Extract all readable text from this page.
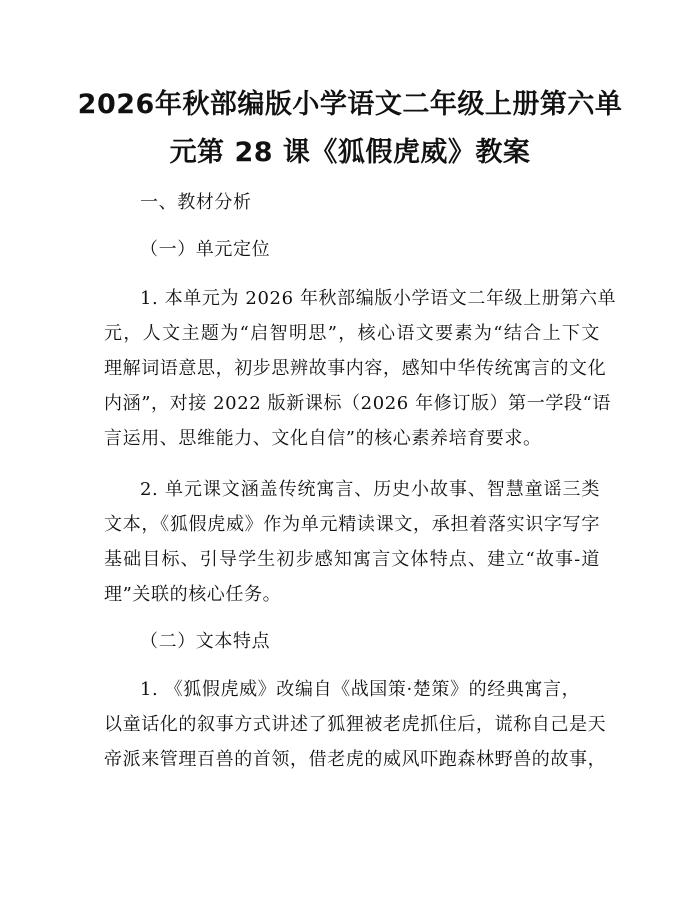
2026年秋部编版小学语文二年级上册第六单
元第 28 课《狐假虎威》教案
一、教材分析
（一）单元定位
1. 本单元为 2026 年秋部编版小学语文二年级上册第六单
元，人文主题为“启智明思”，核心语文要素为“结合上下文
理解词语意思，初步思辨故事内容，感知中华传统寓言的文化
内涵”，对接 2022 版新课标（2026 年修订版）第一学段“语
言运用、思维能力、文化自信”的核心素养培育要求。
2. 单元课文涵盖传统寓言、历史小故事、智慧童谣三类
文本，《狐假虎威》作为单元精读课文，承担着落实识字写字
基础目标、引导学生初步感知寓言文体特点、建立“故事-道
理”关联的核心任务。
（二）文本特点
1. 《狐假虎威》改编自《战国策·楚策》的经典寓言，
以童话化的叙事方式讲述了狐狸被老虎抓住后，谎称自己是天
帝派来管理百兽的首领，借老虎的威风吓跑森林野兽的故事，
